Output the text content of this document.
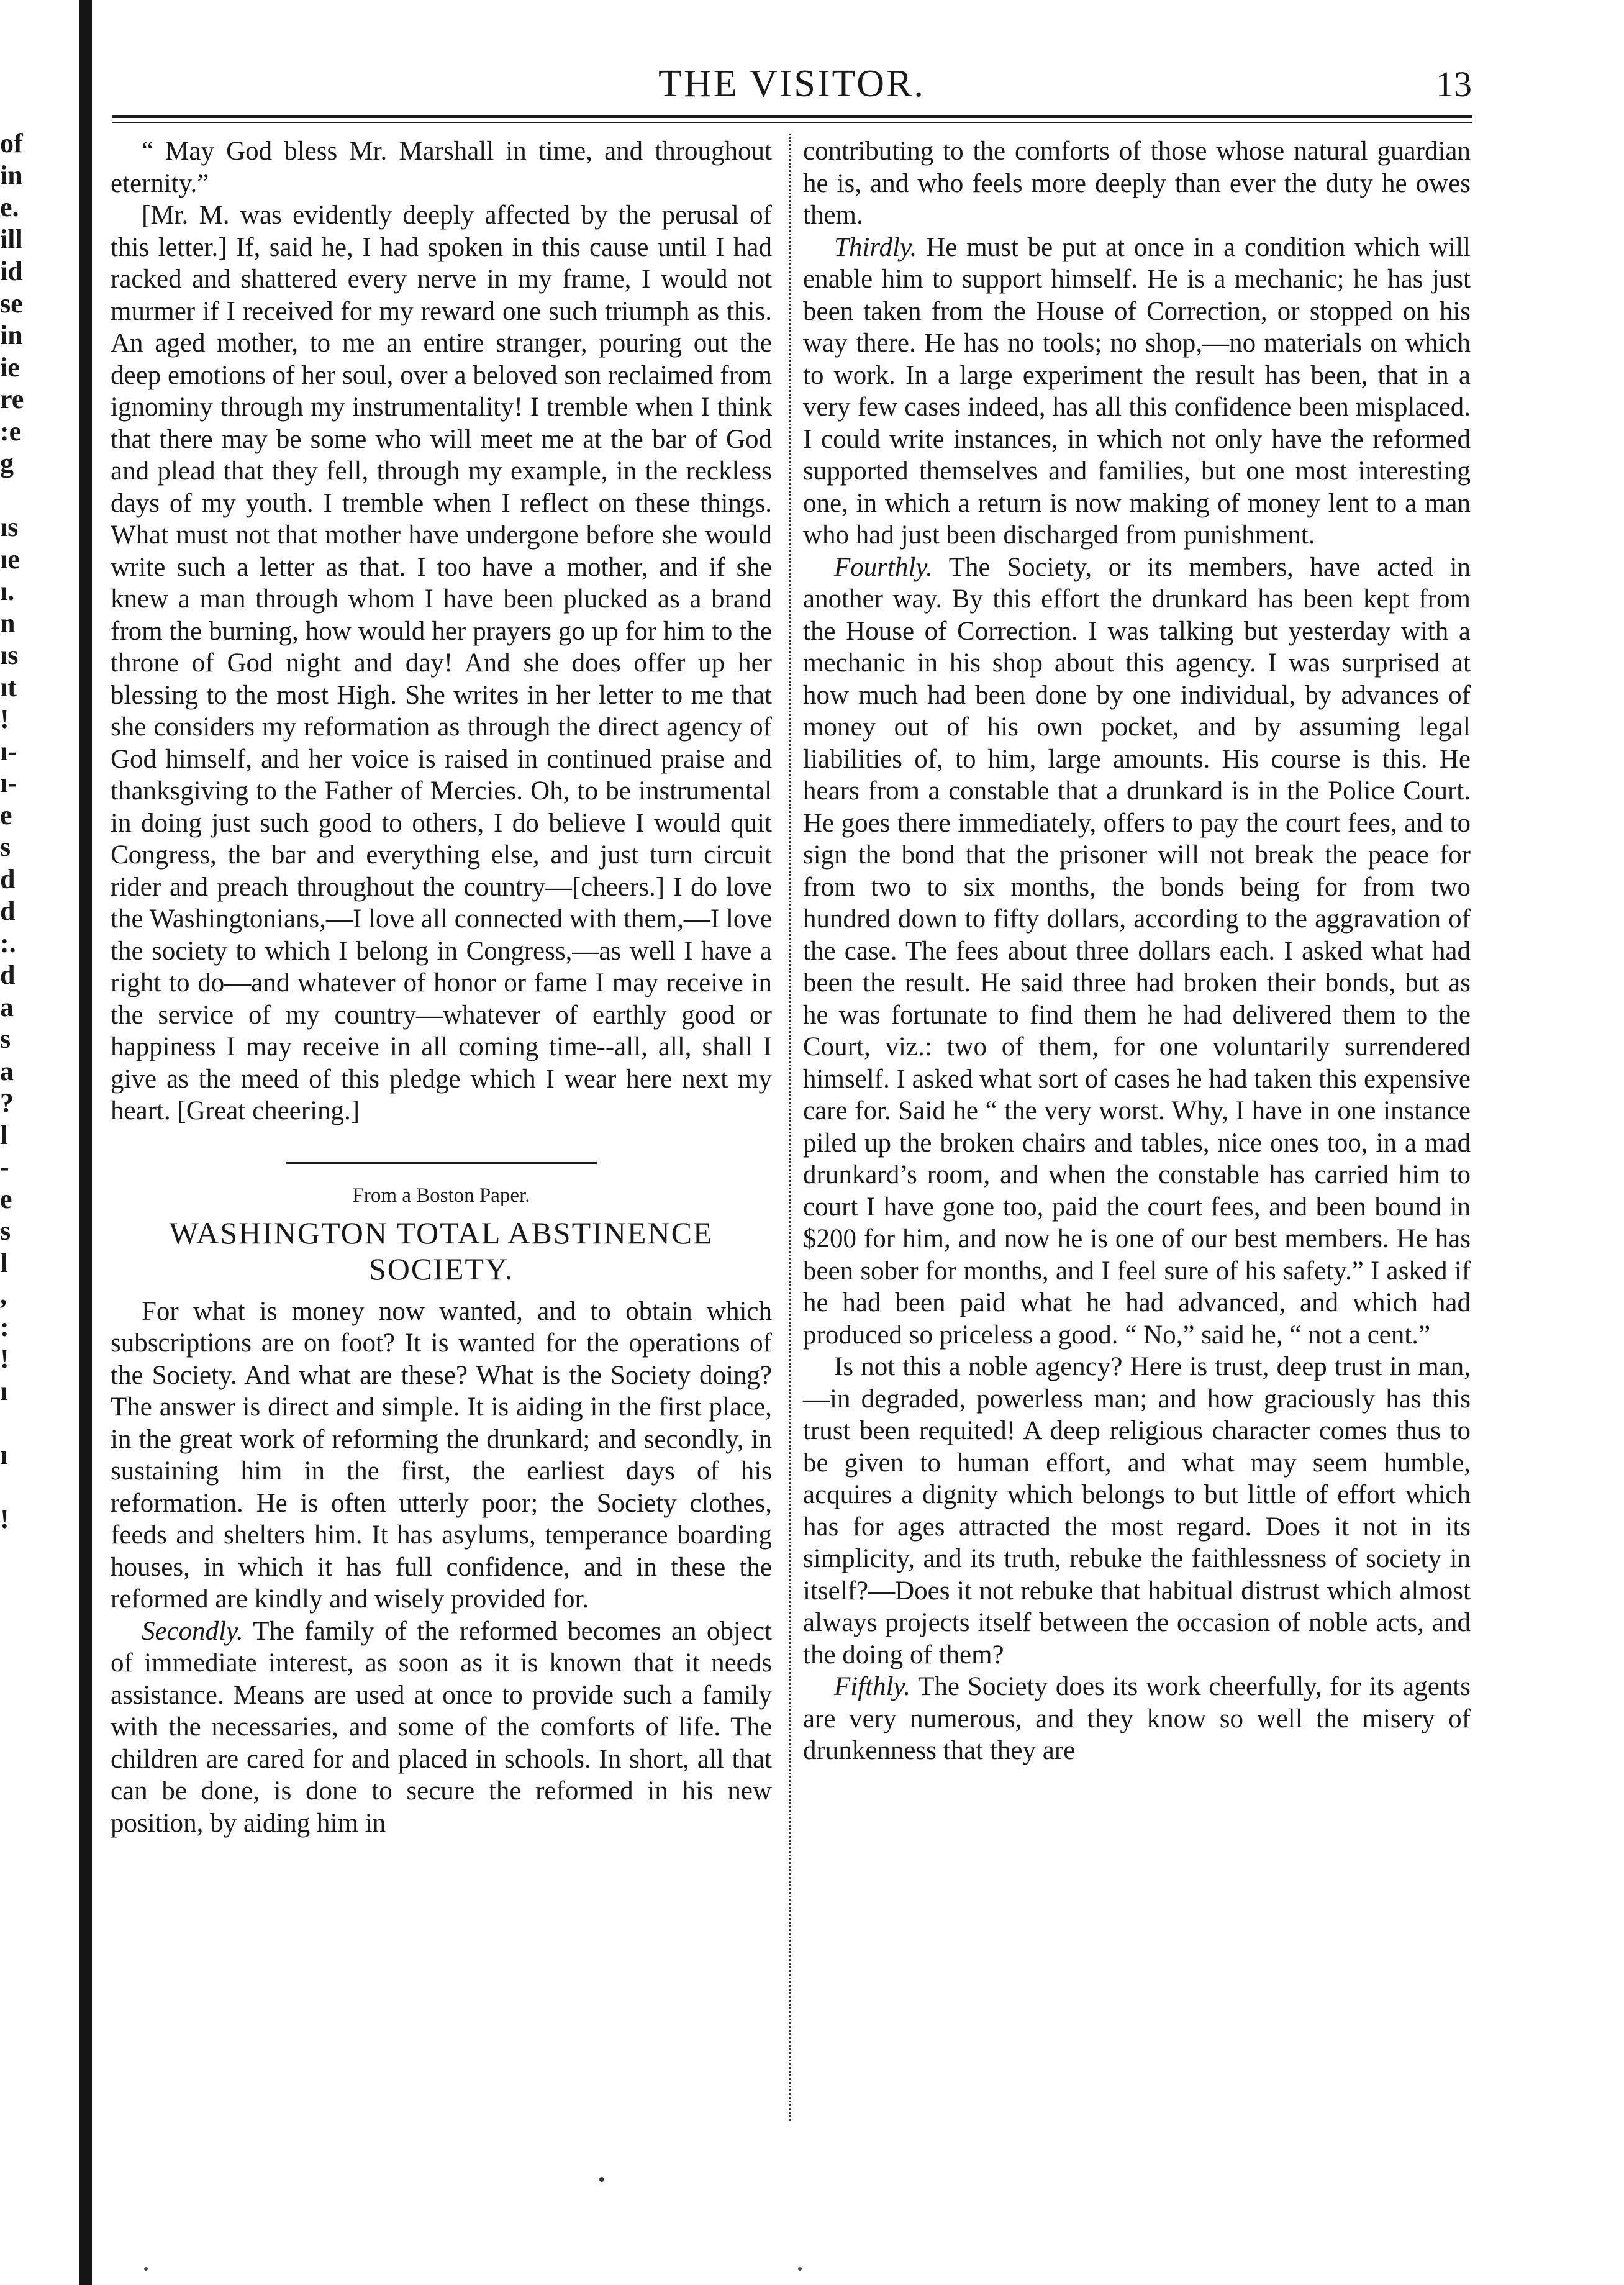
of
in
e.
ill
id
se
in
ie
re
:e
g
ıs
ıe
ı.
n
ıs
ıt
!
ı-
ı-
e
s
d
d
:.
d
a
s
a
?
l
-
e
s
l
,
:
!
ı
ı
!
THE VISITOR.	13

“ May God bless Mr. Marshall in time, and throughout eternity.”

[Mr. M. was evidently deeply affected by the perusal of this letter.] If, said he, I had spoken in this cause until I had racked and shattered every nerve in my frame, I would not murmer if I received for my reward one such triumph as this. An aged mother, to me an entire stranger, pouring out the deep emotions of her soul, over a beloved son reclaimed from ignominy through my instrumentality! I tremble when I think that there may be some who will meet me at the bar of God and plead that they fell, through my example, in the reckless days of my youth. I tremble when I reflect on these things. What must not that mother have undergone before she would write such a letter as that. I too have a mother, and if she knew a man through whom I have been plucked as a brand from the burning, how would her prayers go up for him to the throne of God night and day! And she does offer up her blessing to the most High. She writes in her letter to me that she considers my reformation as through the direct agency of God himself, and her voice is raised in continued praise and thanksgiving to the Father of Mercies. Oh, to be instrumental in doing just such good to others, I do believe I would quit Congress, the bar and everything else, and just turn circuit rider and preach throughout the country—[cheers.] I do love the Washingtonians,—I love all connected with them,—I love the society to which I belong in Congress,—as well I have a right to do—and whatever of honor or fame I may receive in the service of my country—whatever of earthly good or happiness I may receive in all coming time--all, all, shall I give as the meed of this pledge which I wear here next my heart. [Great cheering.]

From a Boston Paper.

WASHINGTON TOTAL ABSTINENCE SOCIETY.

For what is money now wanted, and to obtain which subscriptions are on foot? It is wanted for the operations of the Society. And what are these? What is the Society doing? The answer is direct and simple. It is aiding in the first place, in the great work of reforming the drunkard; and secondly, in sustaining him in the first, the earliest days of his reformation. He is often utterly poor; the Society clothes, feeds and shelters him. It has asylums, temperance boarding houses, in which it has full confidence, and in these the reformed are kindly and wisely provided for.

Secondly. The family of the reformed becomes an object of immediate interest, as soon as it is known that it needs assistance. Means are used at once to provide such a family with the necessaries, and some of the comforts of life. The children are cared for and placed in schools. In short, all that can be done, is done to secure the reformed in his new position, by aiding him in

contributing to the comforts of those whose natural guardian he is, and who feels more deeply than ever the duty he owes them.

Thirdly. He must be put at once in a condition which will enable him to support himself. He is a mechanic; he has just been taken from the House of Correction, or stopped on his way there. He has no tools; no shop,—no materials on which to work. In a large experiment the result has been, that in a very few cases indeed, has all this confidence been misplaced. I could write instances, in which not only have the reformed supported themselves and families, but one most interesting one, in which a return is now making of money lent to a man who had just been discharged from punishment.

Fourthly. The Society, or its members, have acted in another way. By this effort the drunkard has been kept from the House of Correction. I was talking but yesterday with a mechanic in his shop about this agency. I was surprised at how much had been done by one individual, by advances of money out of his own pocket, and by assuming legal liabilities of, to him, large amounts. His course is this. He hears from a constable that a drunkard is in the Police Court. He goes there immediately, offers to pay the court fees, and to sign the bond that the prisoner will not break the peace for from two to six months, the bonds being for from two hundred down to fifty dollars, according to the aggravation of the case. The fees about three dollars each. I asked what had been the result. He said three had broken their bonds, but as he was fortunate to find them he had delivered them to the Court, viz.: two of them, for one voluntarily surrendered himself. I asked what sort of cases he had taken this expensive care for. Said he “ the very worst. Why, I have in one instance piled up the broken chairs and tables, nice ones too, in a mad drunkard’s room, and when the constable has carried him to court I have gone too, paid the court fees, and been bound in $200 for him, and now he is one of our best members. He has been sober for months, and I feel sure of his safety.” I asked if he had been paid what he had advanced, and which had produced so priceless a good. “ No,” said he, “ not a cent.”

Is not this a noble agency? Here is trust, deep trust in man,—in degraded, powerless man; and how graciously has this trust been requited! A deep religious character comes thus to be given to human effort, and what may seem humble, acquires a dignity which belongs to but little of effort which has for ages attracted the most regard. Does it not in its simplicity, and its truth, rebuke the faithlessness of society in itself?—Does it not rebuke that habitual distrust which almost always projects itself between the occasion of noble acts, and the doing of them?

Fifthly. The Society does its work cheerfully, for its agents are very numerous, and they know so well the misery of drunkenness that they are
